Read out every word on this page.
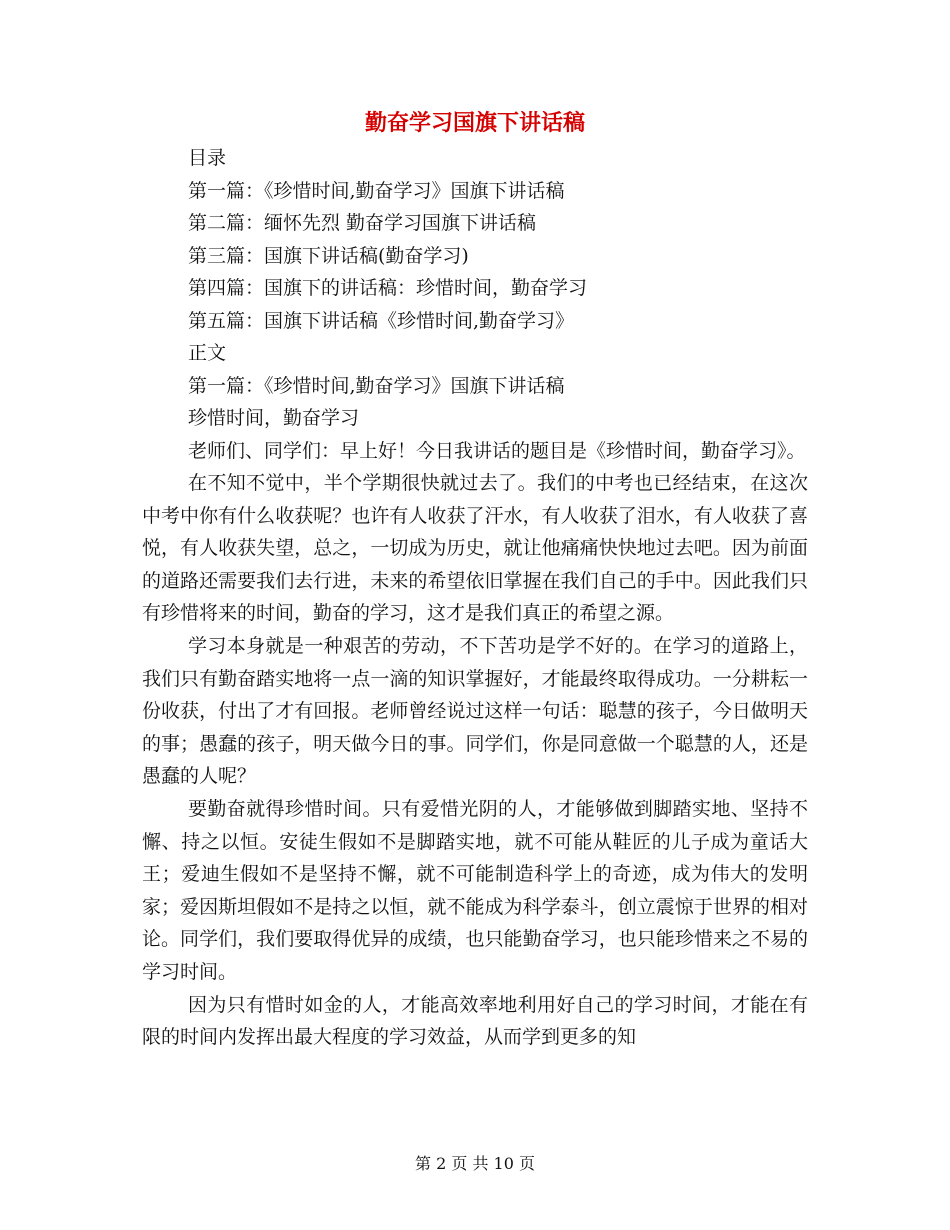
勤奋学习国旗下讲话稿
目录
第一篇：《珍惜时间,勤奋学习》国旗下讲话稿
第二篇：缅怀先烈 勤奋学习国旗下讲话稿
第三篇：国旗下讲话稿(勤奋学习)
第四篇：国旗下的讲话稿：珍惜时间，勤奋学习
第五篇：国旗下讲话稿《珍惜时间,勤奋学习》
正文
第一篇：《珍惜时间,勤奋学习》国旗下讲话稿
珍惜时间，勤奋学习

老师们、同学们：早上好！今日我讲话的题目是《珍惜时间，勤奋学习》。

在不知不觉中，半个学期很快就过去了。我们的中考也已经结束，在这次中考中你有什么收获呢？也许有人收获了汗水，有人收获了泪水，有人收获了喜悦，有人收获失望，总之，一切成为历史，就让他痛痛快快地过去吧。因为前面的道路还需要我们去行进，未来的希望依旧掌握在我们自己的手中。因此我们只有珍惜将来的时间，勤奋的学习，这才是我们真正的希望之源。

学习本身就是一种艰苦的劳动，不下苦功是学不好的。在学习的道路上，我们只有勤奋踏实地将一点一滴的知识掌握好，才能最终取得成功。一分耕耘一份收获，付出了才有回报。老师曾经说过这样一句话：聪慧的孩子，今日做明天的事；愚蠢的孩子，明天做今日的事。同学们，你是同意做一个聪慧的人，还是愚蠢的人呢？

要勤奋就得珍惜时间。只有爱惜光阴的人，才能够做到脚踏实地、坚持不懈、持之以恒。安徒生假如不是脚踏实地，就不可能从鞋匠的儿子成为童话大王；爱迪生假如不是坚持不懈，就不可能制造科学上的奇迹，成为伟大的发明家；爱因斯坦假如不是持之以恒，就不能成为科学泰斗，创立震惊于世界的相对论。同学们，我们要取得优异的成绩，也只能勤奋学习，也只能珍惜来之不易的学习时间。

因为只有惜时如金的人，才能高效率地利用好自己的学习时间，才能在有限的时间内发挥出最大程度的学习效益，从而学到更多的知

第 2 页 共 10 页
